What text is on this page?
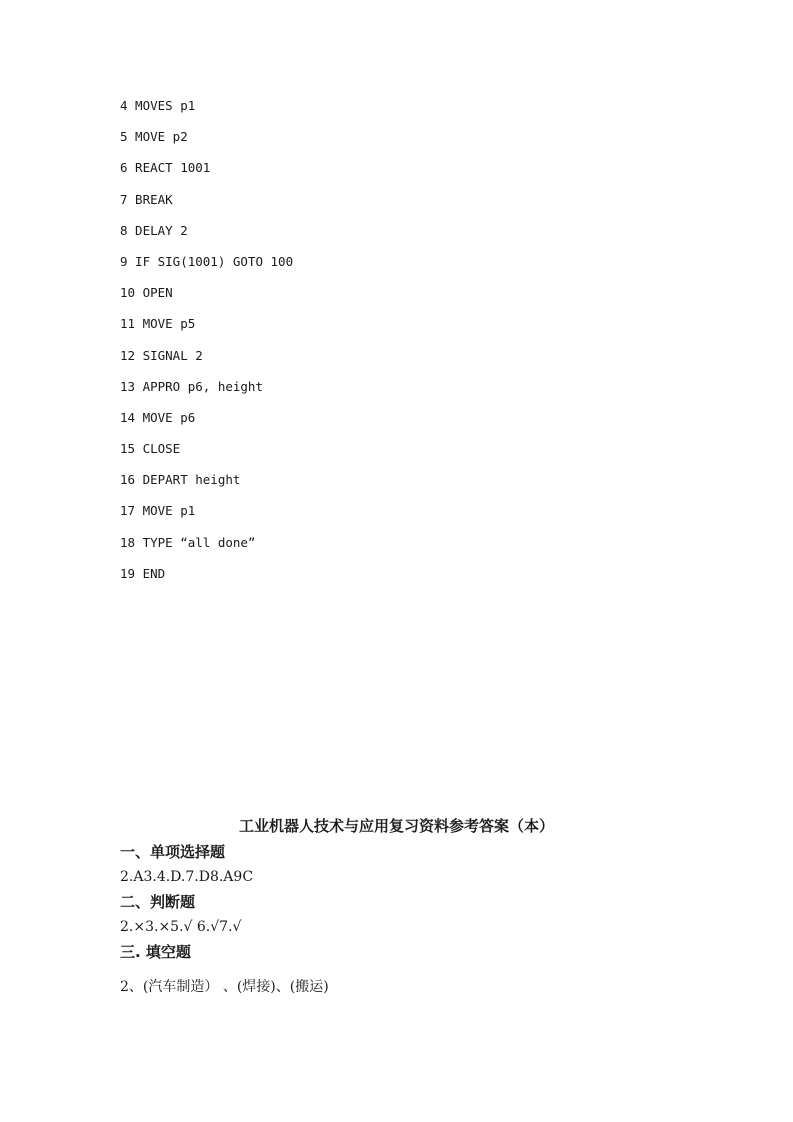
4 MOVES p1
5 MOVE p2
6 REACT 1001
7 BREAK
8 DELAY 2
9 IF SIG(1001) GOTO 100
10 OPEN
11 MOVE p5
12 SIGNAL 2
13 APPRO p6, height
14 MOVE p6
15 CLOSE
16 DEPART height
17 MOVE p1
18 TYPE “all done”
19 END
工业机器人技术与应用复习资料参考答案（本）
一、单项选择题
2.A3.4.D.7.D8.A9C
二、判断题
2.×3.×5.√ 6.√7.√
三. 填空题
2、(汽车制造） 、(焊接)、(搬运)
